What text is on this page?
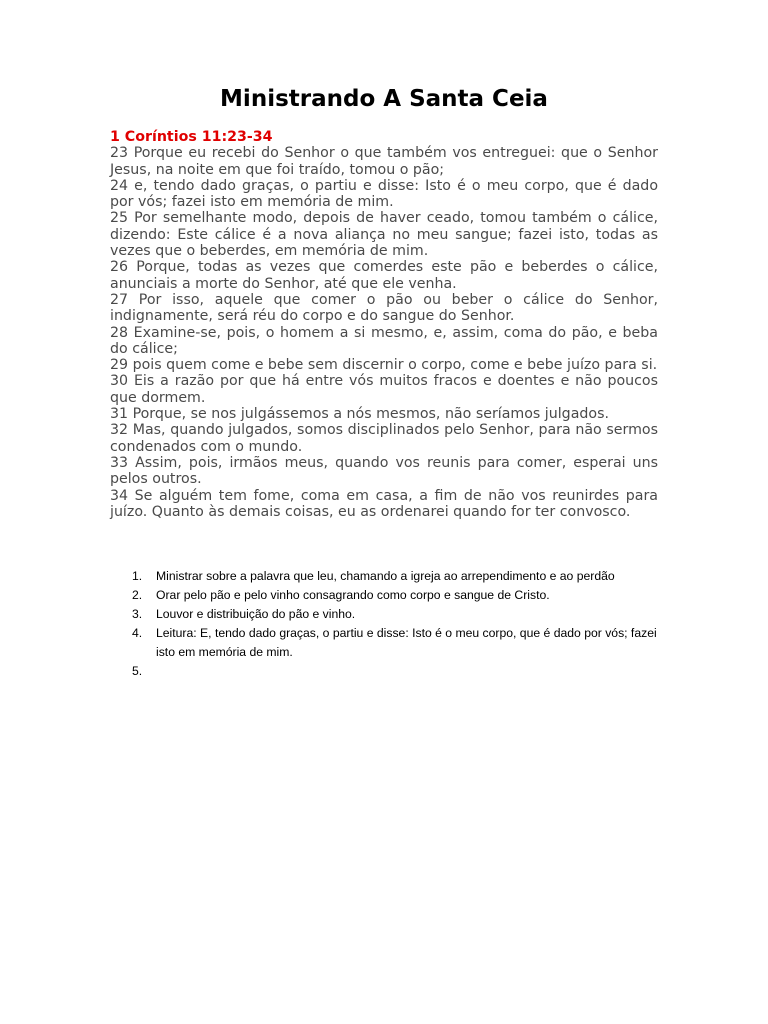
Ministrando A Santa Ceia
1 Coríntios 11:23-34

23 Porque eu recebi do Senhor o que também vos entreguei: que o Senhor Jesus, na noite em que foi traído, tomou o pão;

24 e, tendo dado graças, o partiu e disse: Isto é o meu corpo, que é dado por vós; fazei isto em memória de mim.

25 Por semelhante modo, depois de haver ceado, tomou também o cálice, dizendo: Este cálice é a nova aliança no meu sangue; fazei isto, todas as vezes que o beberdes, em memória de mim.

26 Porque, todas as vezes que comerdes este pão e beberdes o cálice, anunciais a morte do Senhor, até que ele venha.

27 Por isso, aquele que comer o pão ou beber o cálice do Senhor, indignamente, será réu do corpo e do sangue do Senhor.

28 Examine-se, pois, o homem a si mesmo, e, assim, coma do pão, e beba do cálice;

29 pois quem come e bebe sem discernir o corpo, come e bebe juízo para si.

30 Eis a razão por que há entre vós muitos fracos e doentes e não poucos que dormem.

31 Porque, se nos julgássemos a nós mesmos, não seríamos julgados.

32 Mas, quando julgados, somos disciplinados pelo Senhor, para não sermos condenados com o mundo.

33 Assim, pois, irmãos meus, quando vos reunis para comer, esperai uns pelos outros.

34 Se alguém tem fome, coma em casa, a fim de não vos reunirdes para juízo. Quanto às demais coisas, eu as ordenarei quando for ter convosco.

1. Ministrar sobre a palavra que leu, chamando a igreja ao arrependimento e ao perdão
2. Orar pelo pão e pelo vinho consagrando como corpo e sangue de Cristo.
3. Louvor e distribuição do pão e vinho.
4. Leitura: E, tendo dado graças, o partiu e disse: Isto é o meu corpo, que é dado por vós; fazei isto em memória de mim.
5.
